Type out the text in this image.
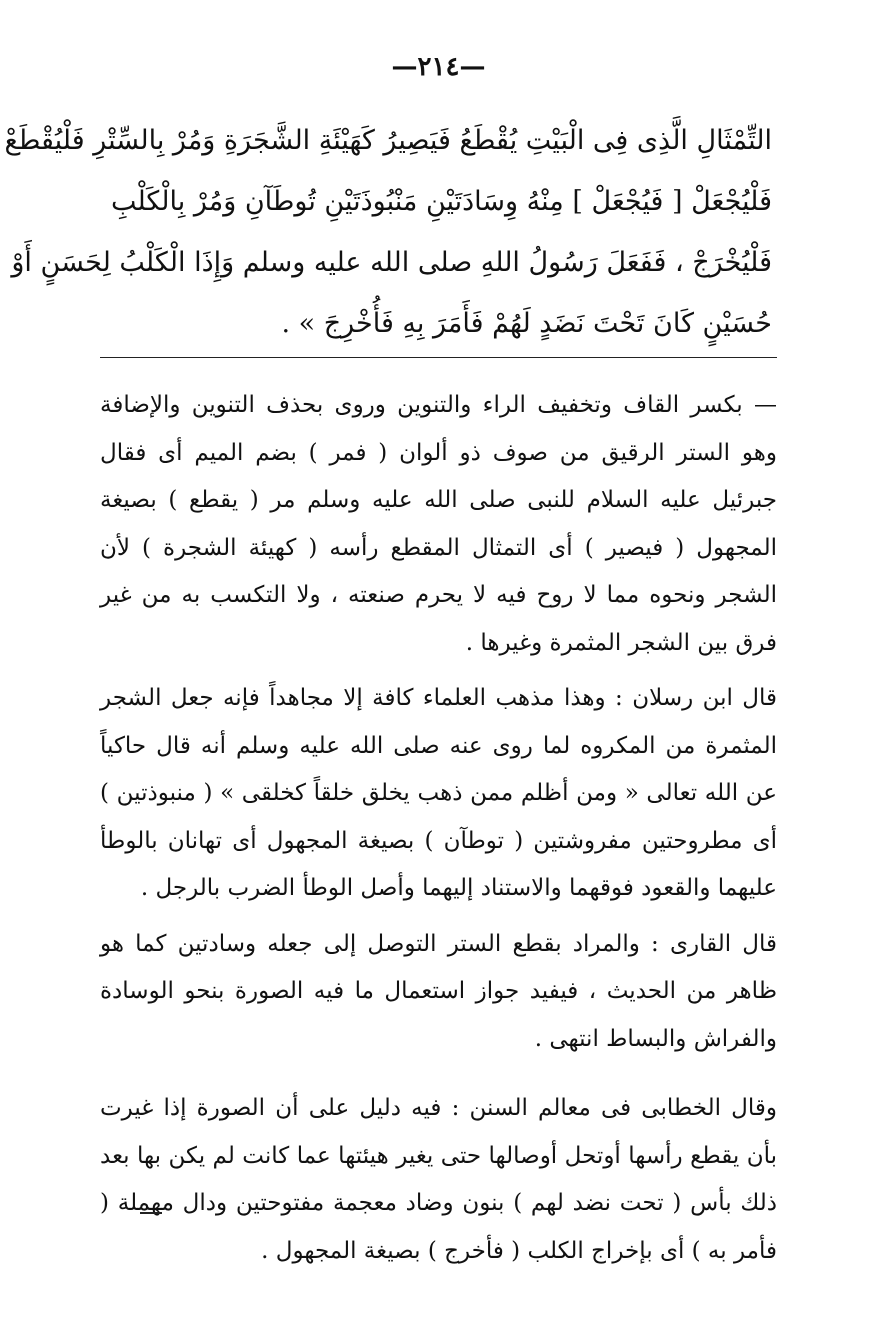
—٢١٤—
التِّمْثَالِ الَّذِى فِى الْبَيْتِ يُقْطَعُ فَيَصِيرُ كَهَيْئَةِ الشَّجَرَةِ وَمُرْ بِالسِّتْرِ فَلْيُقْطَعْ
فَلْيُجْعَلْ [ فَيُجْعَلْ ] مِنْهُ وِسَادَتَيْنِ مَنْبُوذَتَيْنِ تُوطَآنِ وَمُرْ بِالْكَلْبِ
فَلْيُخْرَجْ ، فَفَعَلَ رَسُولُ اللهِ صلى الله عليه وسلم وَإِذَا الْكَلْبُ لِحَسَنٍ أَوْ
حُسَيْنٍ كَانَ تَحْتَ نَضَدٍ لَهُمْ فَأَمَرَ بِهِ فَأُخْرِجَ » .

— بكسر القاف وتخفيف الراء والتنوين وروى بحذف التنوين والإضافة وهو الستر الرقيق من صوف ذو ألوان ( فمر ) بضم الميم أى فقال جبرئيل عليه السلام للنبى صلى الله عليه وسلم مر ( يقطع ) بصيغة المجهول ( فيصير ) أى التمثال المقطع رأسه ( كهيئة الشجرة ) لأن الشجر ونحوه مما لا روح فيه لا يحرم صنعته ، ولا التكسب به من غير فرق بين الشجر المثمرة وغيرها .

قال ابن رسلان : وهذا مذهب العلماء كافة إلا مجاهداً فإنه جعل الشجر المثمرة من المكروه لما روى عنه صلى الله عليه وسلم أنه قال حاكياً عن الله تعالى « ومن أظلم ممن ذهب يخلق خلقاً كخلقى » ( منبوذتين ) أى مطروحتين مفروشتين ( توطآن ) بصيغة المجهول أى تهانان بالوطأ عليهما والقعود فوقهما والاستناد إليهما وأصل الوطأ الضرب بالرجل .

قال القارى : والمراد بقطع الستر التوصل إلى جعله وسادتين كما هو ظاهر من الحديث ، فيفيد جواز استعمال ما فيه الصورة بنحو الوسادة والفراش والبساط انتهى .

وقال الخطابى فى معالم السنن : فيه دليل على أن الصورة إذا غيرت بأن يقطع رأسها أوتحل أوصالها حتى يغير هيئتها عما كانت لم يكن بها بعد ذلك بأس ( تحت نضد لهم ) بنون وضاد معجمة مفتوحتين ودال مهملة ( فأمر به ) أى بإخراج الكلب ( فأخرج ) بصيغة المجهول .
